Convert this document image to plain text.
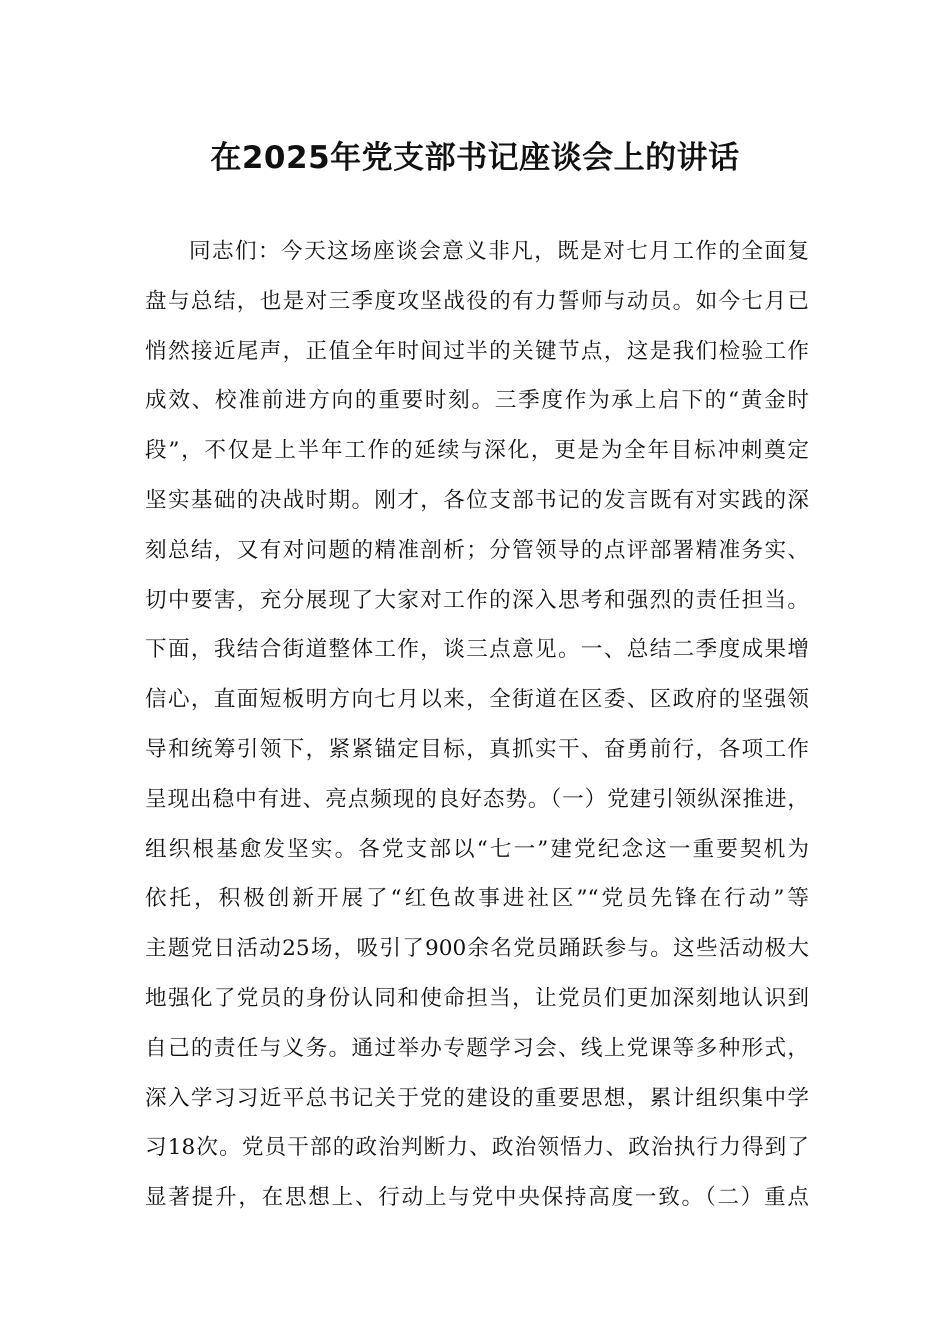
在2025年党支部书记座谈会上的讲话
同志们：今天这场座谈会意义非凡，既是对七月工作的全面复
盘与总结，也是对三季度攻坚战役的有力誓师与动员。如今七月已
悄然接近尾声，正值全年时间过半的关键节点，这是我们检验工作
成效、校准前进方向的重要时刻。三季度作为承上启下的“黄金时
段”，不仅是上半年工作的延续与深化，更是为全年目标冲刺奠定
坚实基础的决战时期。刚才，各位支部书记的发言既有对实践的深
刻总结，又有对问题的精准剖析；分管领导的点评部署精准务实、
切中要害，充分展现了大家对工作的深入思考和强烈的责任担当。
下面，我结合街道整体工作，谈三点意见。一、总结二季度成果增
信心，直面短板明方向七月以来，全街道在区委、区政府的坚强领
导和统筹引领下，紧紧锚定目标，真抓实干、奋勇前行，各项工作
呈现出稳中有进、亮点频现的良好态势。（一）党建引领纵深推进，
组织根基愈发坚实。各党支部以“七一”建党纪念这一重要契机为
依托，积极创新开展了“红色故事进社区”“党员先锋在行动”等
主题党日活动25场，吸引了900余名党员踊跃参与。这些活动极大
地强化了党员的身份认同和使命担当，让党员们更加深刻地认识到
自己的责任与义务。通过举办专题学习会、线上党课等多种形式，
深入学习习近平总书记关于党的建设的重要思想，累计组织集中学
习18次。党员干部的政治判断力、政治领悟力、政治执行力得到了
显著提升，在思想上、行动上与党中央保持高度一致。（二）重点
